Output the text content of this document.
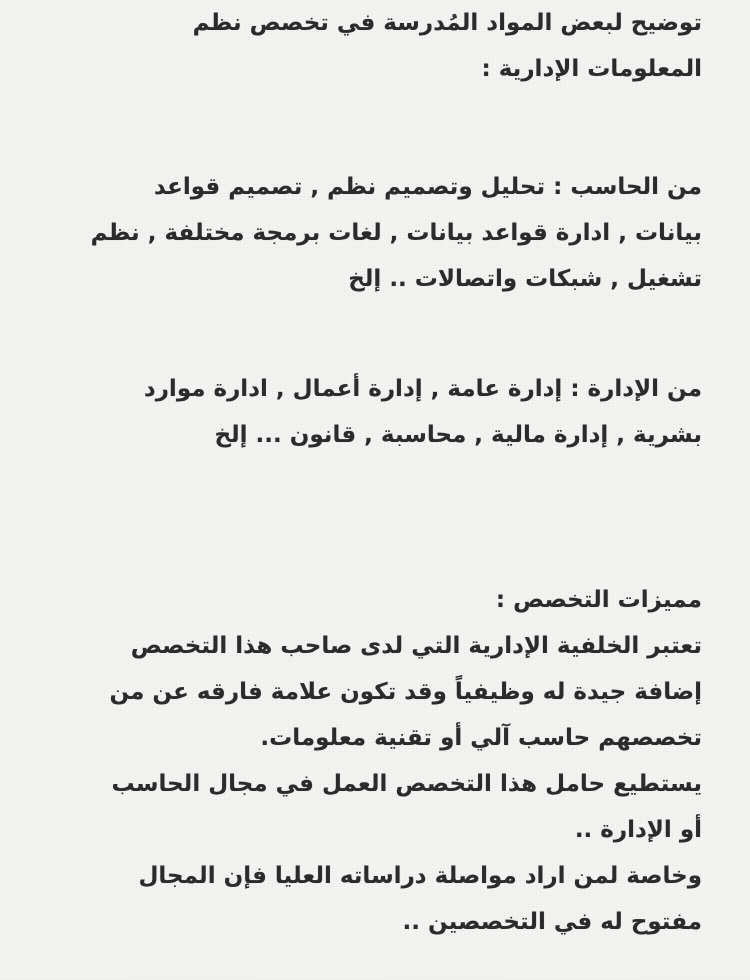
توضيح لبعض المواد المُدرسة في تخصص نظم
المعلومات الإدارية :
من الحاسب : تحليل وتصميم نظم , تصميم قواعد
بيانات , ادارة قواعد بيانات , لغات برمجة مختلفة , نظم
تشغيل , شبكات واتصالات .. إلخ
من الإدارة : إدارة عامة , إدارة أعمال , ادارة موارد
بشرية , إدارة مالية , محاسبة , قانون ... إلخ
مميزات التخصص :
تعتبر الخلفية الإدارية التي لدى صاحب هذا التخصص
إضافة جيدة له وظيفياً وقد تكون علامة فارقه عن من
تخصصهم حاسب آلي أو تقنية معلومات.
يستطيع حامل هذا التخصص العمل في مجال الحاسب
أو الإدارة ..
وخاصة لمن اراد مواصلة دراساته العليا فإن المجال
مفتوح له في التخصصين ..
